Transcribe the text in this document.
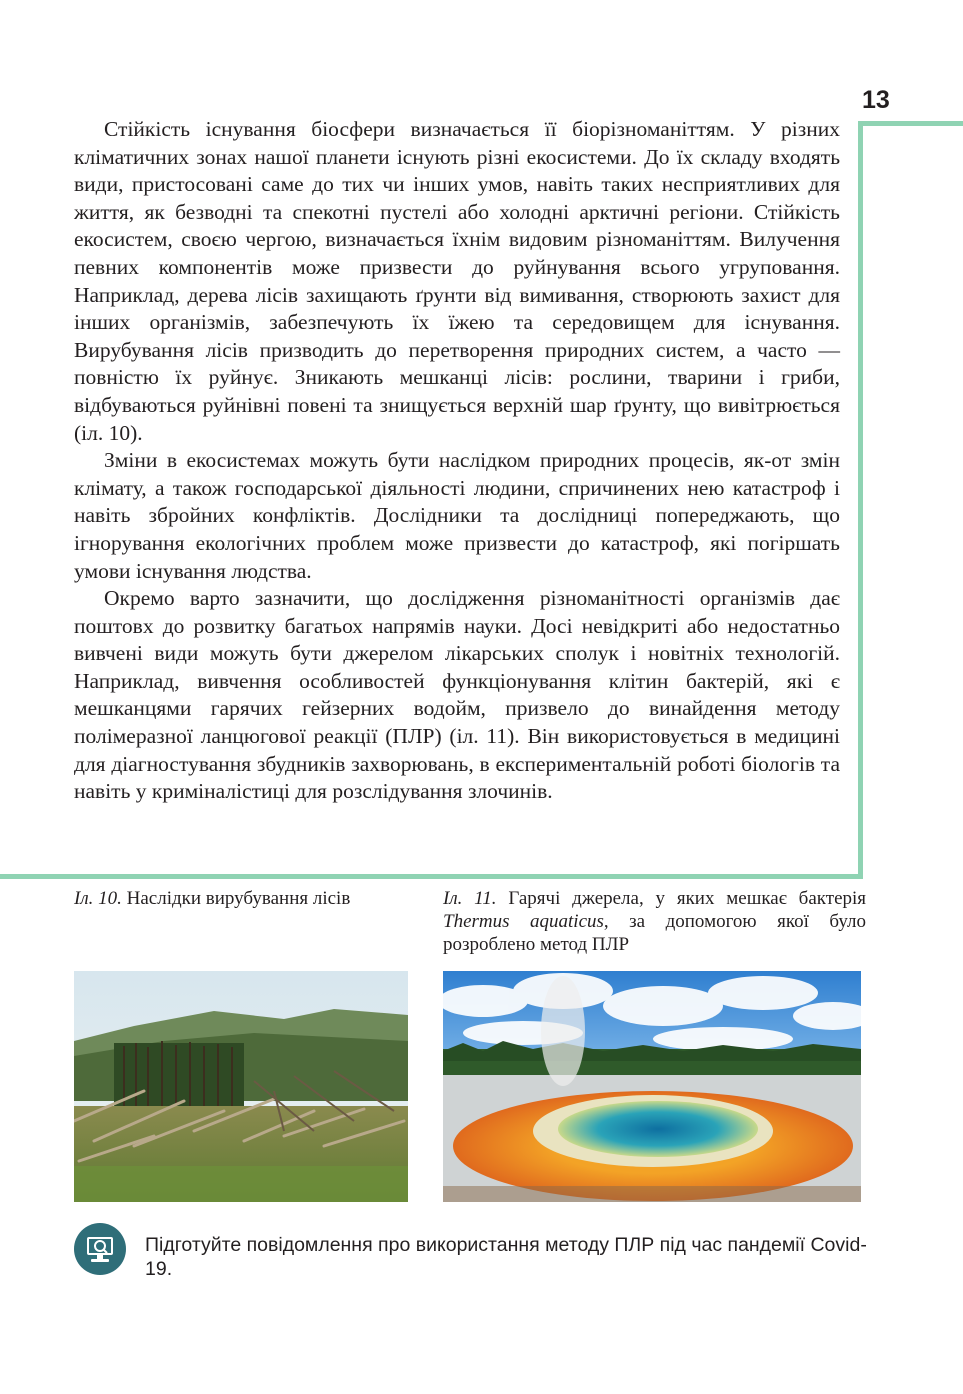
13

Стійкість існування біосфери визначається її біорізноманіттям. У різних кліматичних зонах нашої планети існують різні екосистеми. До їх складу входять види, пристосовані саме до тих чи інших умов, навіть таких несприятливих для життя, як безводні та спекотні пустелі або холодні арктичні регіони. Стійкість екосистем, своєю чергою, визначається їхнім видовим різноманіттям. Вилучення певних компонентів може призвести до руйнування всього угруповання. Наприклад, дерева лісів захищають ґрунти від вимивання, створюють захист для інших організмів, забезпечують їх їжею та середовищем для існування. Вирубування лісів призводить до перетворення природних систем, а часто — повністю їх руйнує. Зникають мешканці лісів: рослини, тварини і гриби, відбуваються руйнівні повені та знищується верхній шар ґрунту, що вивітрюється (іл. 10).

Зміни в екосистемах можуть бути наслідком природних процесів, як-от змін клімату, а також господарської діяльності людини, спричинених нею катастроф і навіть збройних конфліктів. Дослідники та дослідниці попереджають, що ігнорування екологічних проблем може призвести до катастроф, які погіршать умови існування людства.

Окремо варто зазначити, що дослідження різноманітності організмів дає поштовх до розвитку багатьох напрямів науки. Досі невідкриті або недостатньо вивчені види можуть бути джерелом лікарських сполук і новітніх технологій. Наприклад, вивчення особливостей функціонування клітин бактерій, які є мешканцями гарячих гейзерних водойм, призвело до винайдення методу полімеразної ланцюгової реакції (ПЛР) (іл. 11). Він використовується в медицині для діагностування збудників захворювань, в експериментальній роботі біологів та навіть у криміналістиці для розслідування злочинів.

Іл. 10. Наслідки вирубування лісів	Іл. 11. Гарячі джерела, у яких мешкає бактерія Thermus aquaticus, за допомогою якої було розроблено метод ПЛР
Підготуйте повідомлення про використання методу ПЛР під час пандемії Covid-19.
